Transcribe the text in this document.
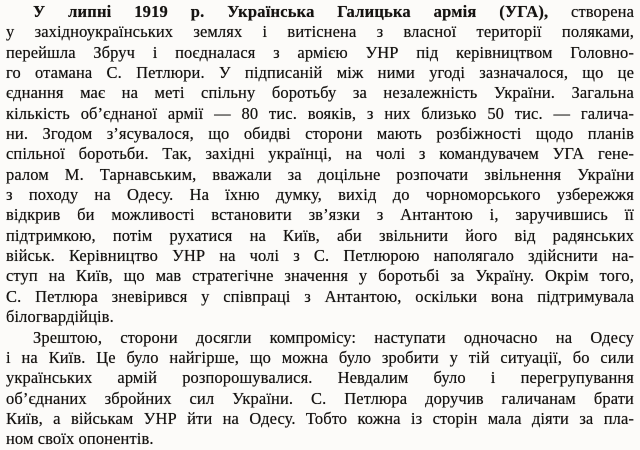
У липні 1919 р. Українська Галицька армія (УГА), створена
у західноукраїнських землях і витіснена з власної території поляками,
перейшла Збруч і поєдналася з армією УНР під керівництвом Головно-
го отамана С. Петлюри. У підписаній між ними угоді зазначалося, що це
єднання має на меті спільну боротьбу за незалежність України. Загальна
кількість об’єднаної армії — 80 тис. вояків, з них близько 50 тис. — галича-
ни. Згодом з’ясувалося, що обидві сторони мають розбіжності щодо планів
спільної боротьби. Так, західні українці, на чолі з командувачем УГА гене-
ралом М. Тарнавським, вважали за доцільне розпочати звільнення України
з походу на Одесу. На їхню думку, вихід до чорноморського узбережжя
відкрив би можливості встановити зв’язки з Антантою і, заручившись її
підтримкою, потім рухатися на Київ, аби звільнити його від радянських
військ. Керівництво УНР на чолі з С. Петлюрою наполягало здійснити на-
ступ на Київ, що мав стратегічне значення у боротьбі за Україну. Окрім того,
С. Петлюра зневірився у співпраці з Антантою, оскільки вона підтримувала
білогвардійців.
Зрештою, сторони досягли компромісу: наступати одночасно на Одесу
і на Київ. Це було найгірше, що можна було зробити у тій ситуації, бо сили
українських армій розпорошувалися. Невдалим було і перегрупування
об’єднаних збройних сил України. С. Петлюра доручив галичанам брати
Київ, а військам УНР йти на Одесу. Тобто кожна із сторін мала діяти за пла-
ном своїх опонентів.
